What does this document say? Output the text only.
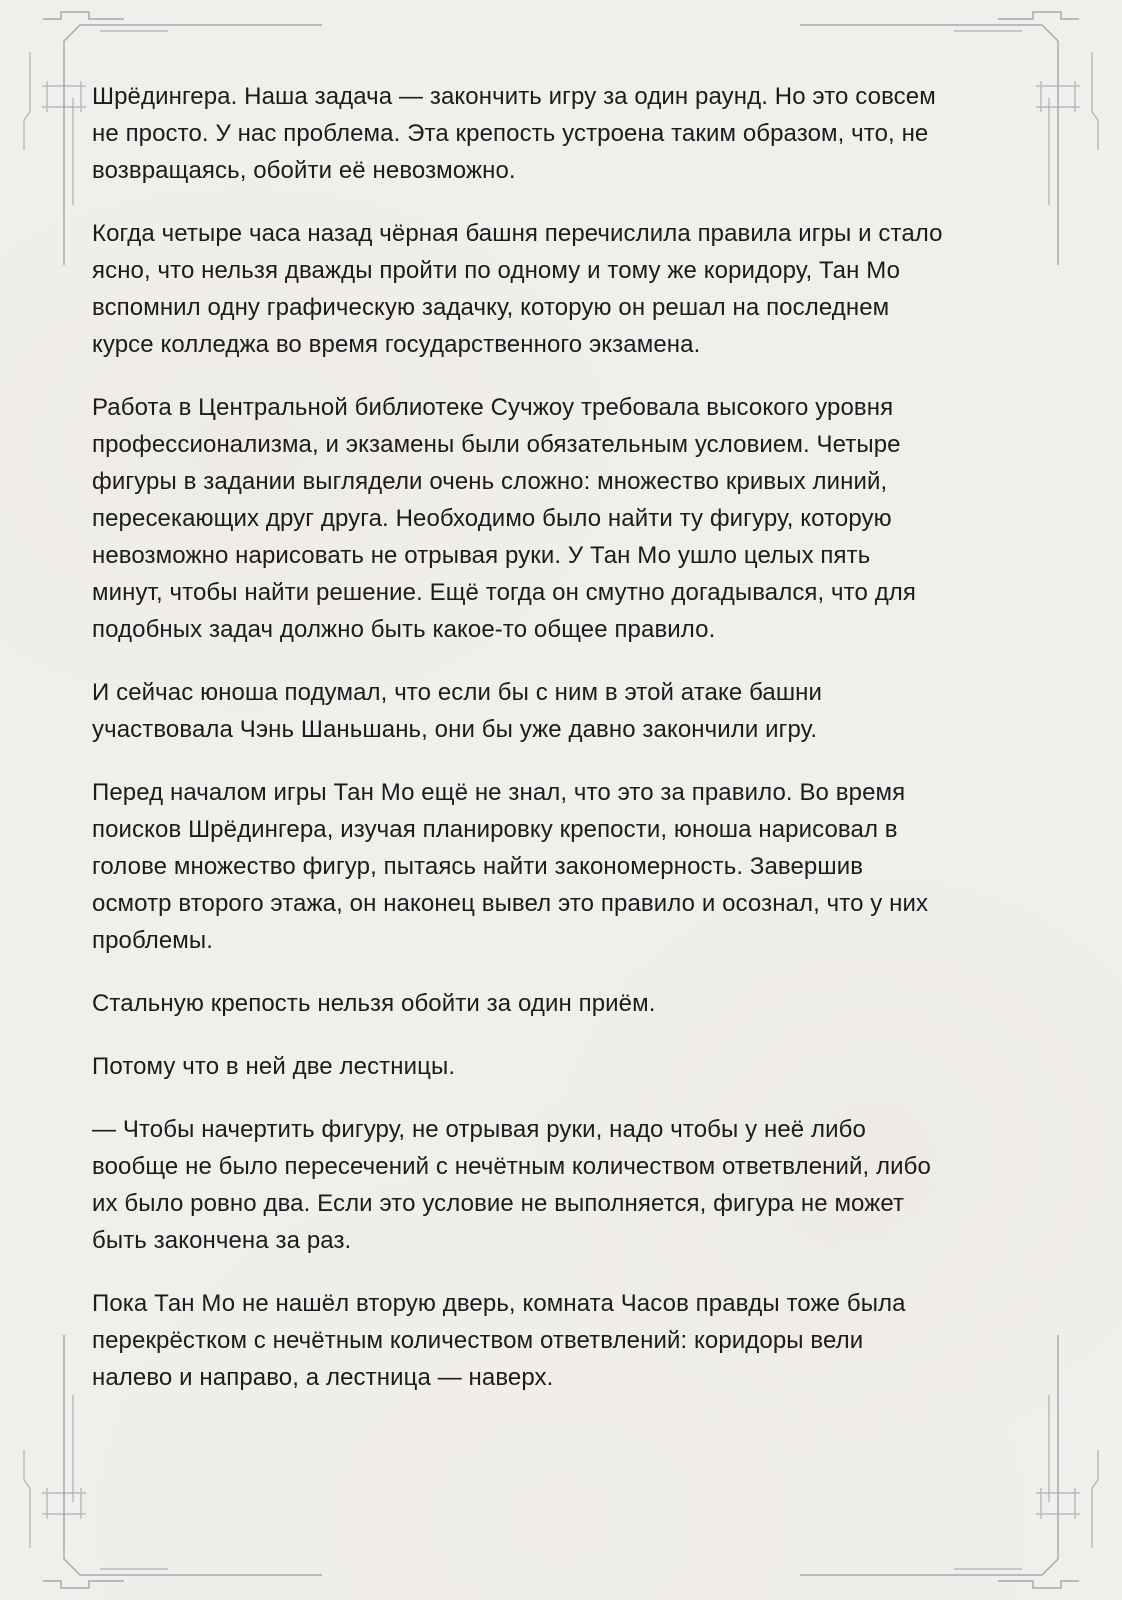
Шрёдингера. Наша задача — закончить игру за один раунд. Но это совсем
не просто. У нас проблема. Эта крепость устроена таким образом, что, не
возвращаясь, обойти её невозможно.

Когда четыре часа назад чёрная башня перечислила правила игры и стало
ясно, что нельзя дважды пройти по одному и тому же коридору, Тан Мо
вспомнил одну графическую задачку, которую он решал на последнем
курсе колледжа во время государственного экзамена.

Работа в Центральной библиотеке Сучжоу требовала высокого уровня
профессионализма, и экзамены были обязательным условием. Четыре
фигуры в задании выглядели очень сложно: множество кривых линий,
пересекающих друг друга. Необходимо было найти ту фигуру, которую
невозможно нарисовать не отрывая руки. У Тан Мо ушло целых пять
минут, чтобы найти решение. Ещё тогда он смутно догадывался, что для
подобных задач должно быть какое-то общее правило.

И сейчас юноша подумал, что если бы с ним в этой атаке башни
участвовала Чэнь Шаньшань, они бы уже давно закончили игру.

Перед началом игры Тан Мо ещё не знал, что это за правило. Во время
поисков Шрёдингера, изучая планировку крепости, юноша нарисовал в
голове множество фигур, пытаясь найти закономерность. Завершив
осмотр второго этажа, он наконец вывел это правило и осознал, что у них
проблемы.

Стальную крепость нельзя обойти за один приём.

Потому что в ней две лестницы.

— Чтобы начертить фигуру, не отрывая руки, надо чтобы у неё либо
вообще не было пересечений с нечётным количеством ответвлений, либо
их было ровно два. Если это условие не выполняется, фигура не может
быть закончена за раз.

Пока Тан Мо не нашёл вторую дверь, комната Часов правды тоже была
перекрёстком с нечётным количеством ответвлений: коридоры вели
налево и направо, а лестница — наверх.
